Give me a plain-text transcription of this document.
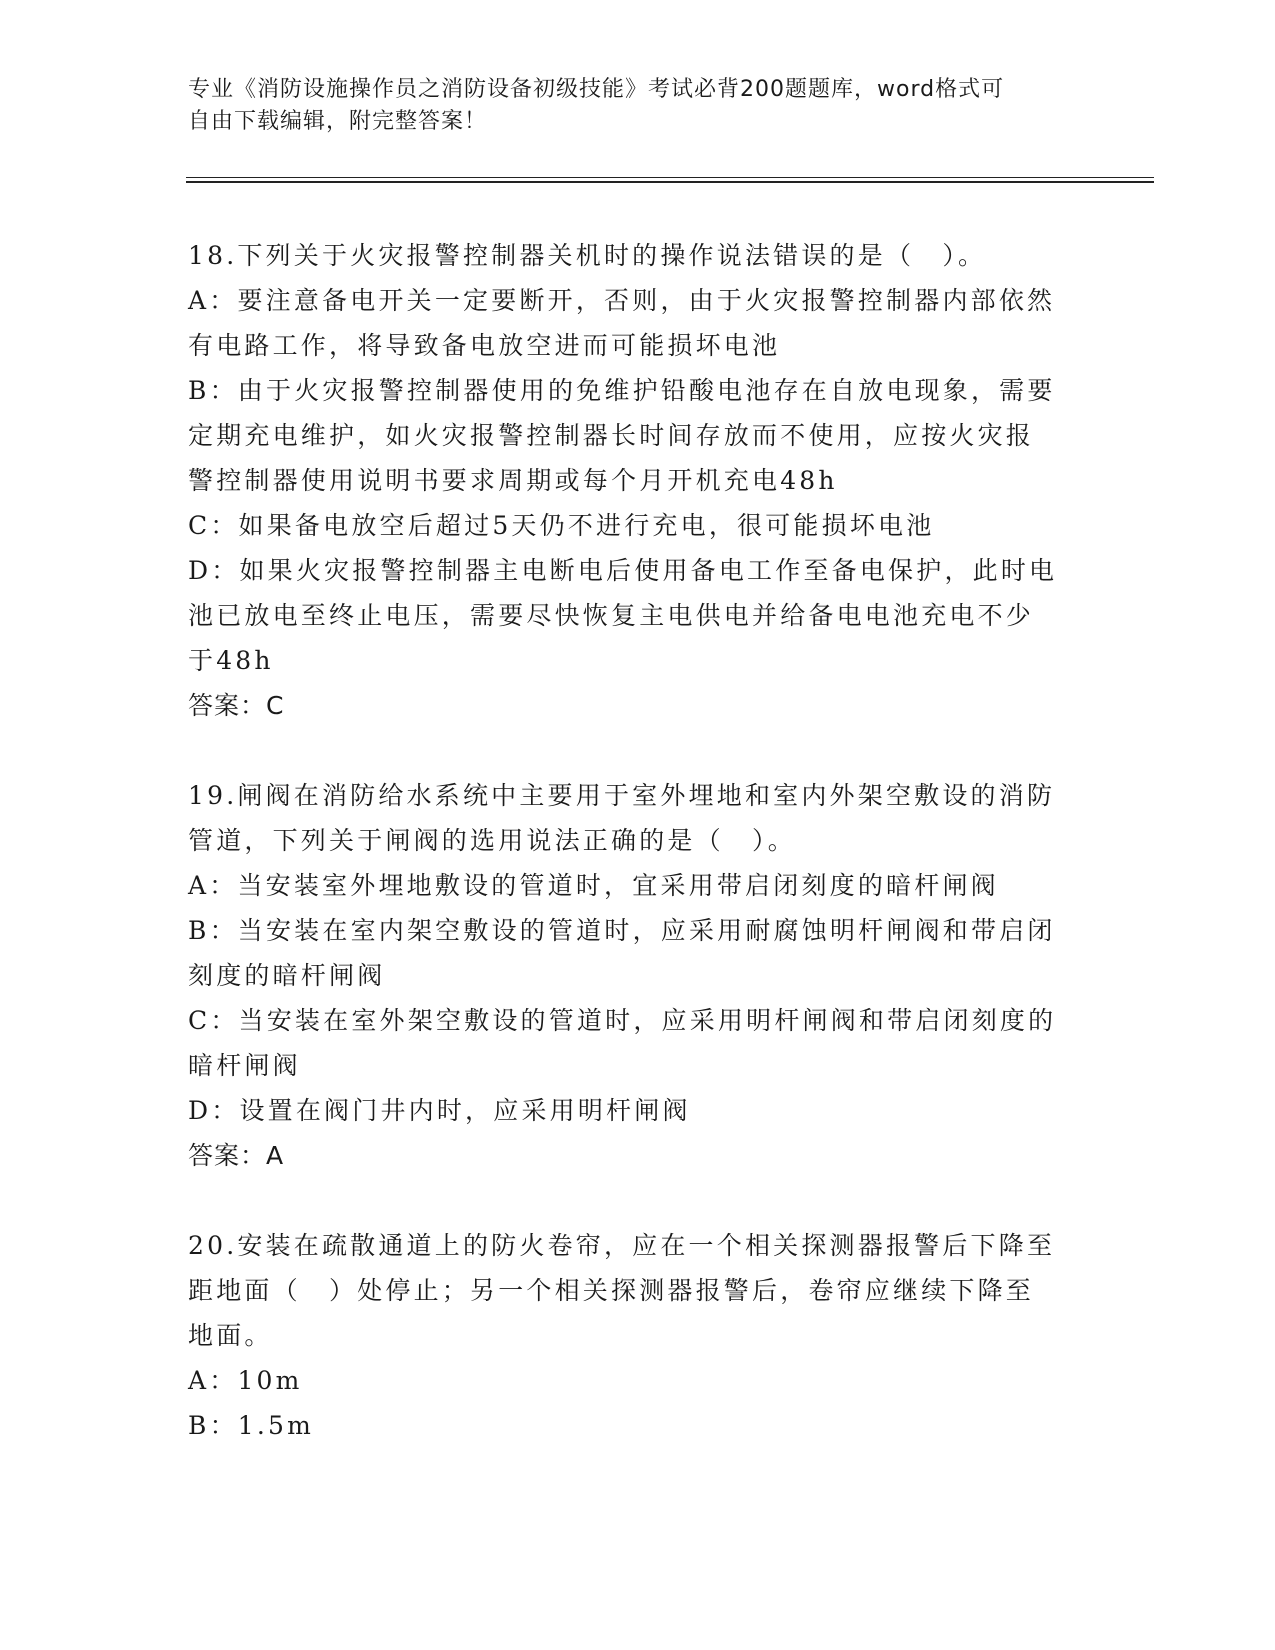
专业《消防设施操作员之消防设备初级技能》考试必背200题题库，word格式可
自由下载编辑，附完整答案！

18.下列关于火灾报警控制器关机时的操作说法错误的是（　）。

A：要注意备电开关一定要断开，否则，由于火灾报警控制器内部依然

有电路工作，将导致备电放空进而可能损坏电池

B：由于火灾报警控制器使用的免维护铅酸电池存在自放电现象，需要

定期充电维护，如火灾报警控制器长时间存放而不使用，应按火灾报

警控制器使用说明书要求周期或每个月开机充电48h

C：如果备电放空后超过5天仍不进行充电，很可能损坏电池

D：如果火灾报警控制器主电断电后使用备电工作至备电保护，此时电

池已放电至终止电压，需要尽快恢复主电供电并给备电电池充电不少

于48h

答案：C

19.闸阀在消防给水系统中主要用于室外埋地和室内外架空敷设的消防

管道，下列关于闸阀的选用说法正确的是（　）。

A：当安装室外埋地敷设的管道时，宜采用带启闭刻度的暗杆闸阀

B：当安装在室内架空敷设的管道时，应采用耐腐蚀明杆闸阀和带启闭

刻度的暗杆闸阀

C：当安装在室外架空敷设的管道时，应采用明杆闸阀和带启闭刻度的

暗杆闸阀

D：设置在阀门井内时，应采用明杆闸阀

答案：A

20.安装在疏散通道上的防火卷帘，应在一个相关探测器报警后下降至

距地面（　）处停止；另一个相关探测器报警后，卷帘应继续下降至

地面。

A：10m

B：1.5m
